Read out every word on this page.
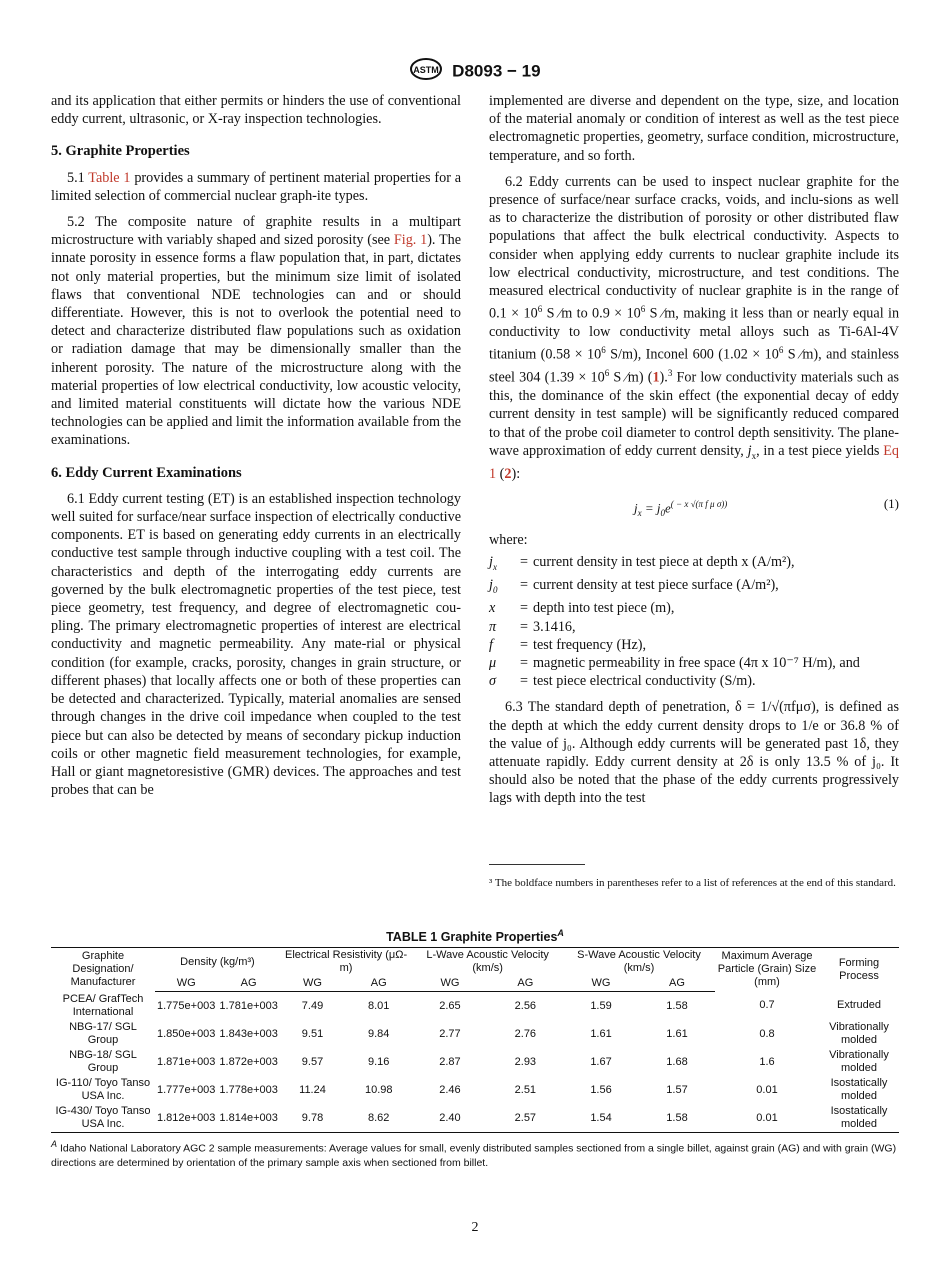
ASTM D8093 − 19

and its application that either permits or hinders the use of conventional eddy current, ultrasonic, or X-ray inspection technologies.

5. Graphite Properties

5.1 Table 1 provides a summary of pertinent material properties for a limited selection of commercial nuclear graph-ite types.

5.2 The composite nature of graphite results in a multipart microstructure with variably shaped and sized porosity (see Fig. 1). The innate porosity in essence forms a flaw population that, in part, dictates not only material properties, but the minimum size limit of isolated flaws that conventional NDE technologies can and or should differentiate. However, this is not to overlook the potential need to detect and characterize distributed flaw populations such as oxidation or radiation damage that may be dimensionally smaller than the inherent porosity. The nature of the microstructure along with the material properties of low electrical conductivity, low acoustic velocity, and limited material constituents will dictate how the various NDE technologies can be applied and limit the information available from the examinations.

6. Eddy Current Examinations

6.1 Eddy current testing (ET) is an established inspection technology well suited for surface/near surface inspection of electrically conductive components. ET is based on generating eddy currents in an electrically conductive test sample through inductive coupling with a test coil. The characteristics and depth of the interrogating eddy currents are governed by the bulk electromagnetic properties of the test piece, test piece geometry, test frequency, and degree of electromagnetic cou-pling. The primary electromagnetic properties of interest are electrical conductivity and magnetic permeability. Any mate-rial or physical condition (for example, cracks, porosity, changes in grain structure, or different phases) that locally affects one or both of these properties can be detected and characterized. Typically, material anomalies are sensed through changes in the drive coil impedance when coupled to the test piece but can also be detected by means of secondary pickup induction coils or other magnetic field measurement technologies, for example, Hall or giant magnetoresistive (GMR) devices. The approaches and test probes that can be

implemented are diverse and dependent on the type, size, and location of the material anomaly or condition of interest as well as the test piece electromagnetic properties, geometry, surface condition, microstructure, temperature, and so forth.

6.2 Eddy currents can be used to inspect nuclear graphite for the presence of surface/near surface cracks, voids, and inclu-sions as well as to characterize the distribution of porosity or other distributed flaw populations that affect the bulk electrical conductivity. Aspects to consider when applying eddy currents to nuclear graphite include its low electrical conductivity, microstructure, and test conditions. The measured electrical conductivity of nuclear graphite is in the range of $0.1 \times 10^6$ S ⁄m to $0.9 \times 10^6$ S ⁄m, making it less than or nearly equal in conductivity to low conductivity metal alloys such as Ti-6Al-4V titanium ($0.58 \times 10^6$ S/m), Inconel 600 ($1.02 \times 10^6$ S ⁄m), and stainless steel 304 ($1.39 \times 10^6$ S ⁄m) (1).$^3$ For low conductivity materials such as this, the dominance of the skin effect (the exponential decay of eddy current density in test sample) will be significantly reduced compared to that of the probe coil diameter to control depth sensitivity. The plane-wave approximation of eddy current density, $j_x$, in a test piece yields Eq 1 (2):

$j_x = j_0e^{( - x √(\pi f \mu \sigma))}$	(1)

where:

$j_x$	=	current density in test piece at depth x (A/m²),
$j_0$	=	current density at test piece surface (A/m²),
x	=	depth into test piece (m),
π	=	3.1416,
f	=	test frequency (Hz),
μ	=	magnetic permeability in free space (4π x 10⁻⁷ H/m), and
σ	=	test piece electrical conductivity (S/m).

6.3 The standard depth of penetration, δ = 1/√(πfμσ), is defined as the depth at which the eddy current density drops to 1/e or 36.8 % of the value of j₀. Although eddy currents will be generated past 1δ, they attenuate rapidly. Eddy current density at 2δ is only 13.5 % of j₀. It should also be noted that the phase of the eddy currents progressively lags with depth into the test

³ The boldface numbers in parentheses refer to a list of references at the end of this standard.
TABLE 1 Graphite Properties$^A$
Graphite Designation/ Manufacturer	Density (kg/m³)		Electrical Resistivity (μΩ-m)		L-Wave Acoustic Velocity (km/s)		S-Wave Acoustic Velocity (km/s)		Maximum Average Particle (Grain) Size (mm)	Forming Process
	WG	AG	WG	AG	WG	AG	WG	AG		
PCEA/ GrafTech International	1.775e+003	1.781e+003	7.49	8.01	2.65	2.56	1.59	1.58	0.7	Extruded
NBG-17/ SGL Group	1.850e+003	1.843e+003	9.51	9.84	2.77	2.76	1.61	1.61	0.8	Vibrationally molded
NBG-18/ SGL Group	1.871e+003	1.872e+003	9.57	9.16	2.87	2.93	1.67	1.68	1.6	Vibrationally molded
IG-110/ Toyo Tanso USA Inc.	1.777e+003	1.778e+003	11.24	10.98	2.46	2.51	1.56	1.57	0.01	Isostatically molded
IG-430/ Toyo Tanso USA Inc.	1.812e+003	1.814e+003	9.78	8.62	2.40	2.57	1.54	1.58	0.01	Isostatically molded
$^A$ Idaho National Laboratory AGC 2 sample measurements: Average values for small, evenly distributed samples sectioned from a single billet, against grain (AG) and with grain (WG) directions are determined by orientation of the primary sample axis when sectioned from billet.
2
